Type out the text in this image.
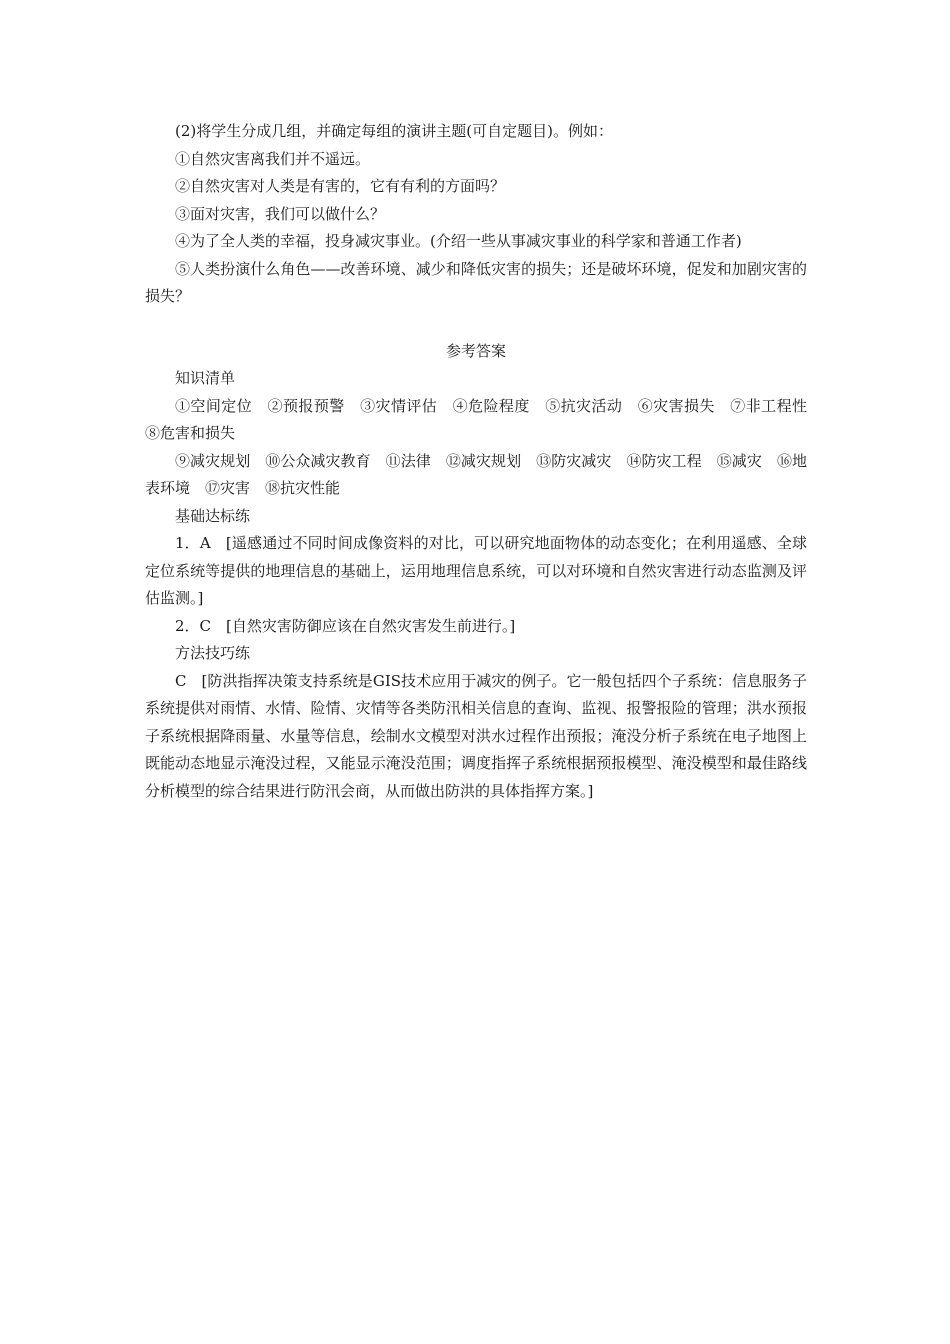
(2)将学生分成几组，并确定每组的演讲主题(可自定题目)。例如：

①自然灾害离我们并不遥远。

②自然灾害对人类是有害的，它有有利的方面吗？

③面对灾害，我们可以做什么？

④为了全人类的幸福，投身减灾事业。(介绍一些从事减灾事业的科学家和普通工作者)

⑤人类扮演什么角色——改善环境、减少和降低灾害的损失；还是破坏环境，促发和加剧灾害的损失？

参考答案

知识清单

①空间定位　②预报预警　③灾情评估　④危险程度　⑤抗灾活动　⑥灾害损失　⑦非工程性　⑧危害和损失

⑨减灾规划　⑩公众减灾教育　⑪法律　⑫减灾规划　⑬防灾减灾　⑭防灾工程　⑮减灾　⑯地表环境　⑰灾害　⑱抗灾性能

基础达标练

1．A　[遥感通过不同时间成像资料的对比，可以研究地面物体的动态变化；在利用遥感、全球定位系统等提供的地理信息的基础上，运用地理信息系统，可以对环境和自然灾害进行动态监测及评估监测。]

2．C　[自然灾害防御应该在自然灾害发生前进行。]

方法技巧练

C　[防洪指挥决策支持系统是GIS技术应用于减灾的例子。它一般包括四个子系统：信息服务子系统提供对雨情、水情、险情、灾情等各类防汛相关信息的查询、监视、报警报险的管理；洪水预报子系统根据降雨量、水量等信息，绘制水文模型对洪水过程作出预报；淹没分析子系统在电子地图上既能动态地显示淹没过程，又能显示淹没范围；调度指挥子系统根据预报模型、淹没模型和最佳路线分析模型的综合结果进行防汛会商，从而做出防洪的具体指挥方案。]
